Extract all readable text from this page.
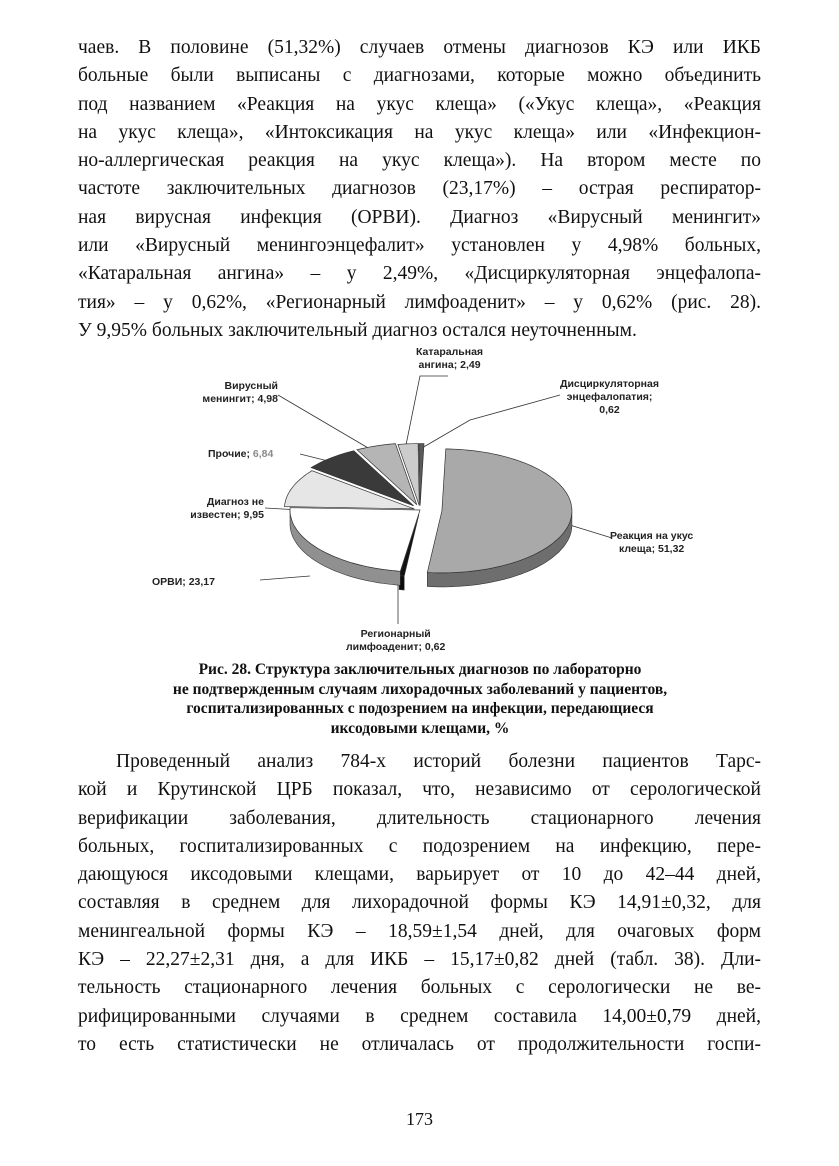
чаев. В половине (51,32%) случаев отмены диагнозов КЭ или ИКБ
больные были выписаны с диагнозами, которые можно объединить
под названием «Реакция на укус клеща» («Укус клеща», «Реакция
на укус клеща», «Интоксикация на укус клеща» или «Инфекцион-
но-аллергическая реакция на укус клеща»). На втором месте по
частоте заключительных диагнозов (23,17%) – острая респиратор-
ная вирусная инфекция (ОРВИ). Диагноз «Вирусный менингит»
или «Вирусный менингоэнцефалит» установлен у 4,98% больных,
«Катаральная ангина» – у 2,49%, «Дисциркуляторная энцефалопа-
тия» – у 0,62%, «Регионарный лимфоаденит» – у 0,62% (рис. 28).
У 9,95% больных заключительный диагноз остался неуточненным.
Катаральная
ангина; 2,49
Дисциркуляторная
энцефалопатия;
0,62
Вирусный
менингит; 4,98
Прочие; 6,84
Диагноз не
известен; 9,95
ОРВИ; 23,17
Реакция на укус
клеща; 51,32
Регионарный
лимфоаденит; 0,62
Рис. 28. Структура заключительных диагнозов по лабораторно
не подтвержденным случаям лихорадочных заболеваний у пациентов,
госпитализированных с подозрением на инфекции, передающиеся
иксодовыми клещами, %
Проведенный анализ 784-х историй болезни пациентов Тарс-
кой и Крутинской ЦРБ показал, что, независимо от серологической
верификации заболевания, длительность стационарного лечения
больных, госпитализированных с подозрением на инфекцию, пере-
дающуюся иксодовыми клещами, варьирует от 10 до 42–44 дней,
составляя в среднем для лихорадочной формы КЭ 14,91±0,32, для
менингеальной формы КЭ – 18,59±1,54 дней, для очаговых форм
КЭ – 22,27±2,31 дня, а для ИКБ – 15,17±0,82 дней (табл. 38). Дли-
тельность стационарного лечения больных с серологически не ве-
рифицированными случаями в среднем составила 14,00±0,79 дней,
то есть статистически не отличалась от продолжительности госпи-
173
